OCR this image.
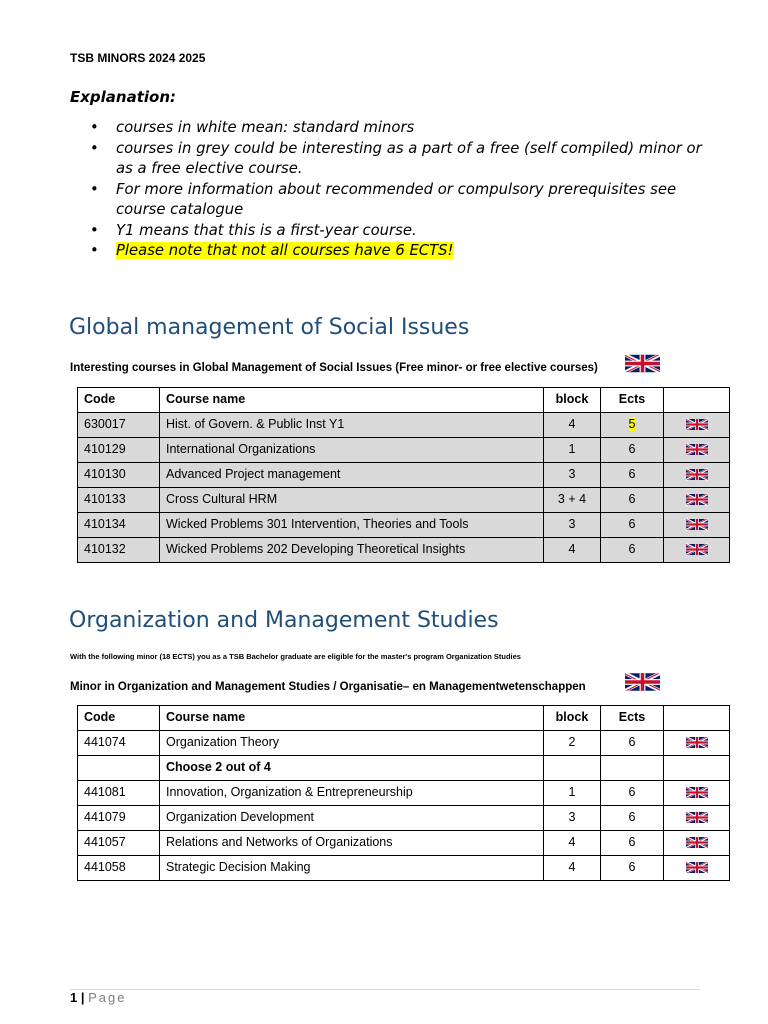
TSB MINORS 2024 2025
Explanation:
• courses in white mean: standard minors
• courses in grey could be interesting as a part of a free (self compiled) minor or as a free elective course.
• For more information about recommended or compulsory prerequisites see course catalogue
• Y1 means that this is a first-year course.
• Please note that not all courses have 6 ECTS!
Global management of Social Issues
Interesting courses in Global Management of Social Issues (Free minor- or free elective courses)
Code	Course name	block	Ects	
630017	Hist. of Govern. & Public Inst Y1	4	5	
410129	International Organizations	1	6	
410130	Advanced Project management	3	6	
410133	Cross Cultural HRM	3 + 4	6	
410134	Wicked Problems 301 Intervention, Theories and Tools	3	6	
410132	Wicked Problems 202 Developing Theoretical Insights	4	6	
Organization and Management Studies
With the following minor (18 ECTS) you as a TSB Bachelor graduate are eligible for the master's program Organization Studies
Minor in Organization and Management Studies / Organisatie– en Managementwetenschappen
Code	Course name	block	Ects	
441074	Organization Theory	2	6	
	Choose 2 out of 4			
441081	Innovation, Organization & Entrepreneurship	1	6	
441079	Organization Development	3	6	
441057	Relations and Networks of Organizations	4	6	
441058	Strategic Decision Making	4	6	
1 | Page
